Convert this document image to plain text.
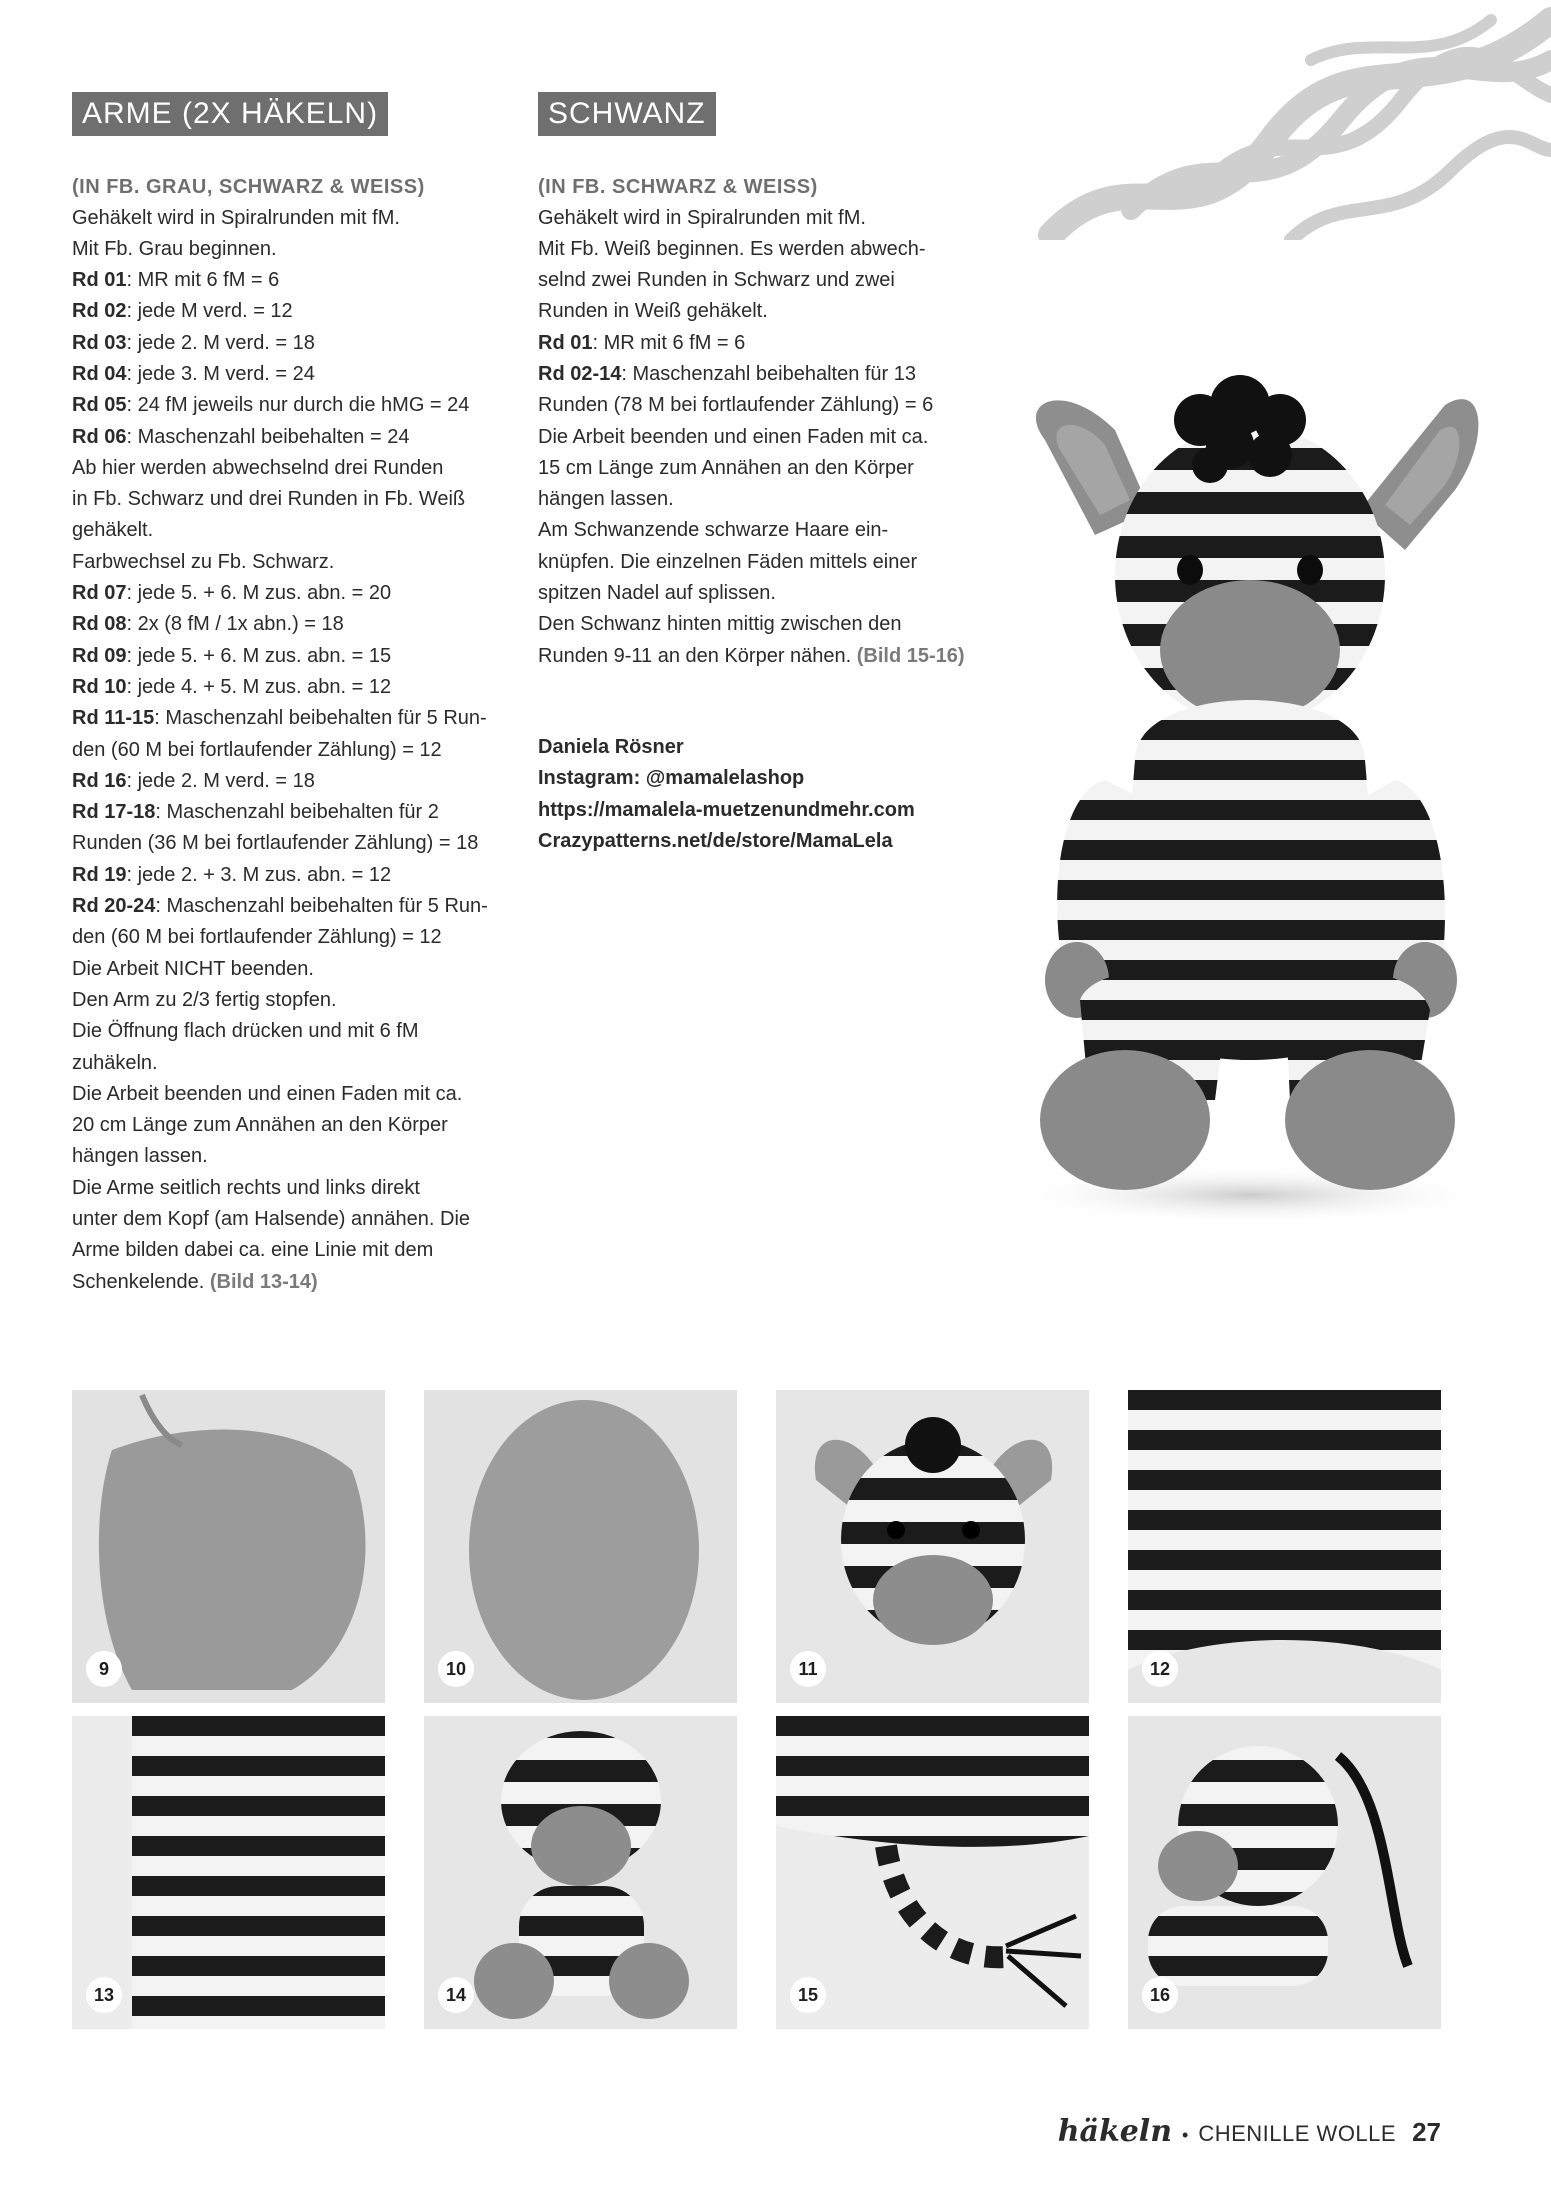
ARME (2X HÄKELN)
(IN FB. GRAU, SCHWARZ & WEISS)
Gehäkelt wird in Spiralrunden mit fM.
Mit Fb. Grau beginnen.
Rd 01: MR mit 6 fM = 6
Rd 02: jede M verd. = 12
Rd 03: jede 2. M verd. = 18
Rd 04: jede 3. M verd. = 24
Rd 05: 24 fM jeweils nur durch die hMG = 24
Rd 06: Maschenzahl beibehalten = 24
Ab hier werden abwechselnd drei Runden
in Fb. Schwarz und drei Runden in Fb. Weiß
gehäkelt.
Farbwechsel zu Fb. Schwarz.
Rd 07: jede 5. + 6. M zus. abn. = 20
Rd 08: 2x (8 fM / 1x abn.) = 18
Rd 09: jede 5. + 6. M zus. abn. = 15
Rd 10: jede 4. + 5. M zus. abn. = 12
Rd 11-15: Maschenzahl beibehalten für 5 Run-
den (60 M bei fortlaufender Zählung) = 12
Rd 16: jede 2. M verd. = 18
Rd 17-18: Maschenzahl beibehalten für 2
Runden (36 M bei fortlaufender Zählung) = 18
Rd 19: jede 2. + 3. M zus. abn. = 12
Rd 20-24: Maschenzahl beibehalten für 5 Run-
den (60 M bei fortlaufender Zählung) = 12
Die Arbeit NICHT beenden.
Den Arm zu 2/3 fertig stopfen.
Die Öffnung flach drücken und mit 6 fM
zuhäkeln.
Die Arbeit beenden und einen Faden mit ca.
20 cm Länge zum Annähen an den Körper
hängen lassen.
Die Arme seitlich rechts und links direkt
unter dem Kopf (am Halsende) annähen. Die
Arme bilden dabei ca. eine Linie mit dem
Schenkelende. (Bild 13-14)
SCHWANZ
(IN FB. SCHWARZ & WEISS)
Gehäkelt wird in Spiralrunden mit fM.
Mit Fb. Weiß beginnen. Es werden abwech-
selnd zwei Runden in Schwarz und zwei
Runden in Weiß gehäkelt.
Rd 01: MR mit 6 fM = 6
Rd 02-14: Maschenzahl beibehalten für 13
Runden (78 M bei fortlaufender Zählung) = 6
Die Arbeit beenden und einen Faden mit ca.
15 cm Länge zum Annähen an den Körper
hängen lassen.
Am Schwanzende schwarze Haare ein-
knüpfen. Die einzelnen Fäden mittels einer
spitzen Nadel auf splissen.
Den Schwanz hinten mittig zwischen den
Runden 9-11 an den Körper nähen. (Bild 15-16)
Daniela Rösner
Instagram: @mamalelashop
https://mamalela-muetzenundmehr.com
Crazypatterns.net/de/store/MamaLela
9	10	11	12
13	14	15	16
häkeln • CHENILLE WOLLE 27
